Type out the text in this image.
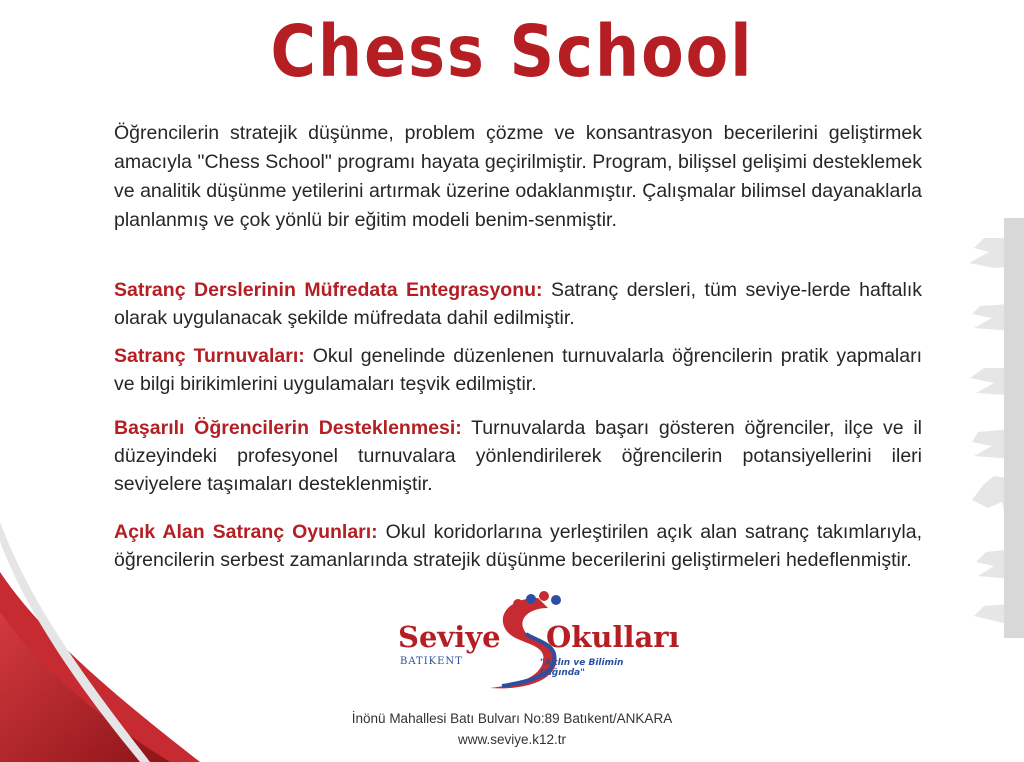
Chess School

Öğrencilerin stratejik düşünme, problem çözme ve konsantrasyon becerilerini geliştirmek amacıyla "Chess School" programı hayata geçirilmiştir. Program, bilişsel gelişimi desteklemek ve analitik düşünme yetilerini artırmak üzerine odaklanmıştır. Çalışmalar bilimsel dayanaklarla planlanmış ve çok yönlü bir eğitim modeli benim-senmiştir.

Satranç Derslerinin Müfredata Entegrasyonu: Satranç dersleri, tüm seviye-lerde haftalık olarak uygulanacak şekilde müfredata dahil edilmiştir.

Satranç Turnuvaları: Okul genelinde düzenlenen turnuvalarla öğrencilerin pratik yapmaları ve bilgi birikimlerini uygulamaları teşvik edilmiştir.

Başarılı Öğrencilerin Desteklenmesi: Turnuvalarda başarı gösteren öğrenciler, ilçe ve il düzeyindeki profesyonel turnuvalara yönlendirilerek öğrencilerin potansiyellerini ileri seviyelere taşımaları desteklenmiştir.

Açık Alan Satranç Oyunları: Okul koridorlarına yerleştirilen açık alan satranç takımlarıyla, öğrencilerin serbest zamanlarında stratejik düşünme becerilerini geliştirmeleri hedeflenmiştir.

Seviye
BATIKENT
Okulları
"Aklın ve Bilimin Işığında"
İnönü Mahallesi Batı Bulvarı No:89 Batıkent/ANKARA
www.seviye.k12.tr
